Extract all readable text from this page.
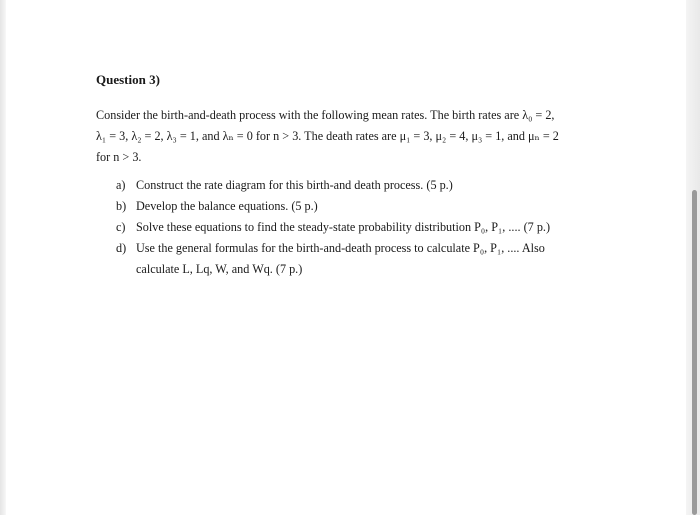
Question 3)
Consider the birth-and-death process with the following mean rates. The birth rates are λ₀ = 2,
λ₁ = 3, λ₂ = 2, λ₃ = 1, and λₙ = 0 for n > 3. The death rates are μ₁ = 3, μ₂ = 4, μ₃ = 1, and μₙ = 2
for n > 3.
a) Construct the rate diagram for this birth-and death process. (5 p.)
b) Develop the balance equations. (5 p.)
c) Solve these equations to find the steady-state probability distribution P₀, P₁, .... (7 p.)
d) Use the general formulas for the birth-and-death process to calculate P₀, P₁, .... Also
calculate L, Lq, W, and Wq. (7 p.)
